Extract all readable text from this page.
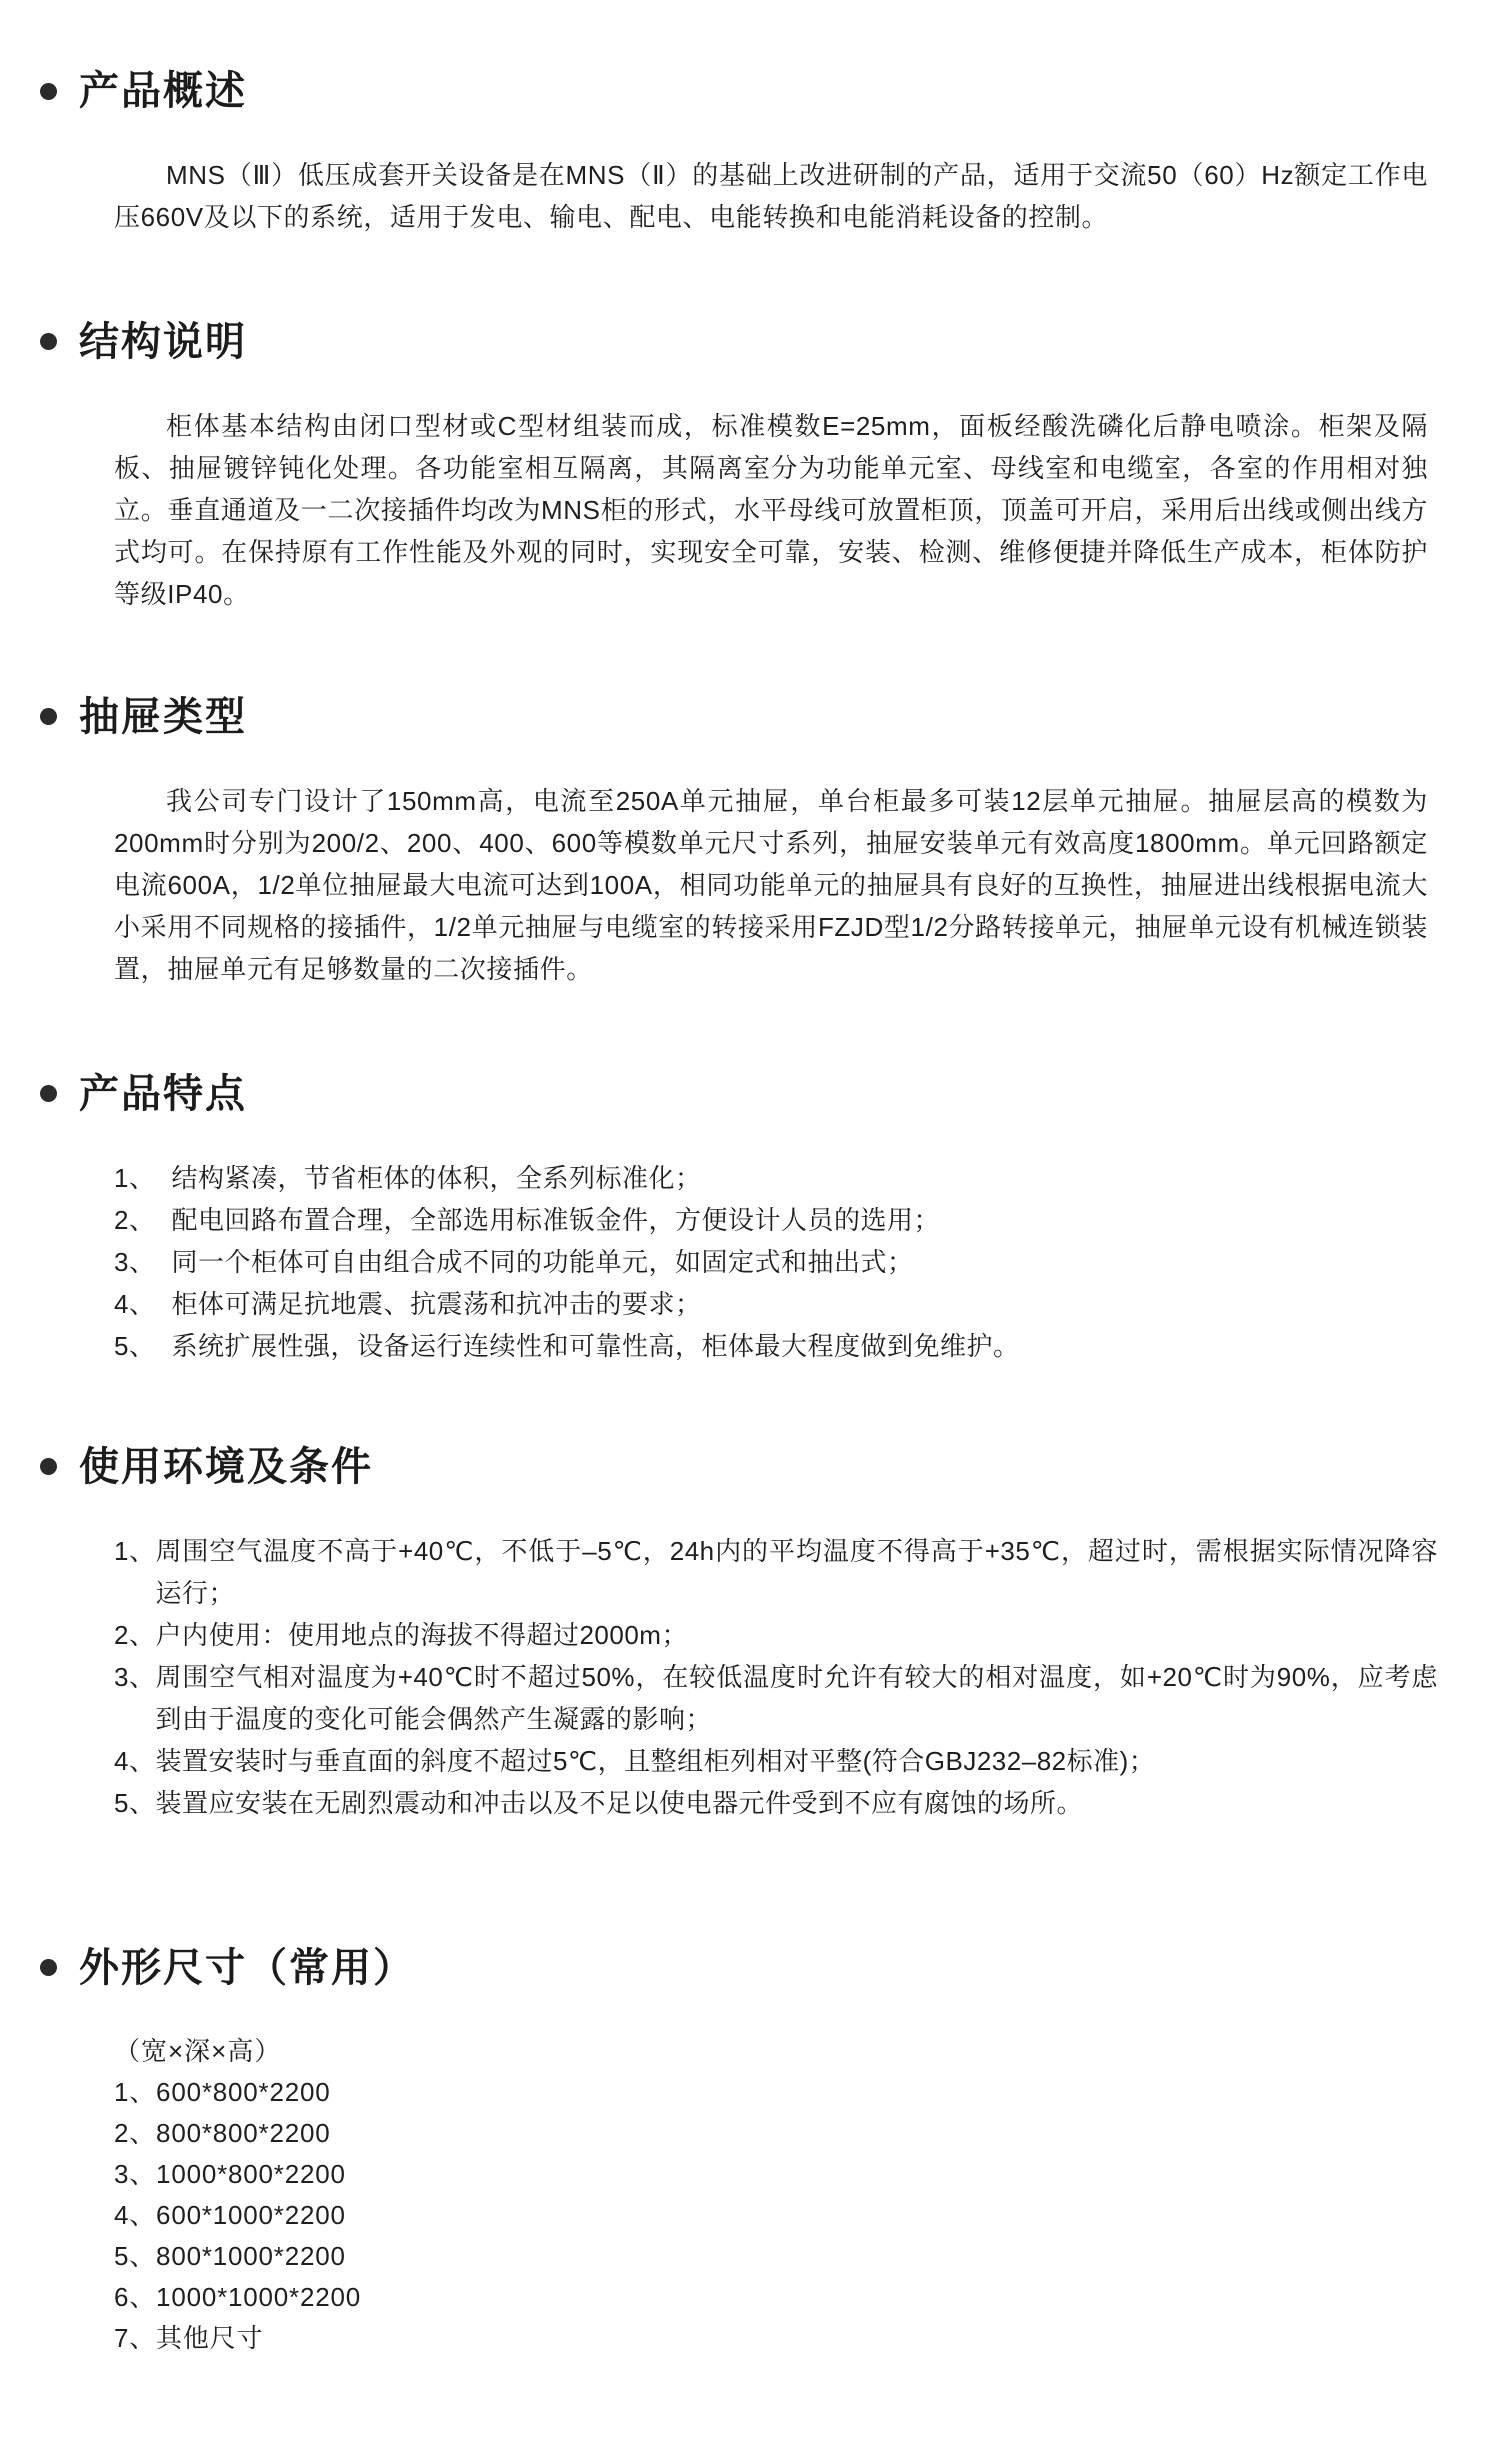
产品概述

MNS（Ⅲ）低压成套开关设备是在MNS（Ⅱ）的基础上改进研制的产品，适用于交流50（60）Hz额定工作电压660V及以下的系统，适用于发电、输电、配电、电能转换和电能消耗设备的控制。

结构说明

柜体基本结构由闭口型材或C型材组装而成，标准模数E=25mm，面板经酸洗磷化后静电喷涂。柜架及隔板、抽屉镀锌钝化处理。各功能室相互隔离，其隔离室分为功能单元室、母线室和电缆室，各室的作用相对独立。垂直通道及一二次接插件均改为MNS柜的形式，水平母线可放置柜顶，顶盖可开启，采用后出线或侧出线方式均可。在保持原有工作性能及外观的同时，实现安全可靠，安装、检测、维修便捷并降低生产成本，柜体防护等级IP40。

抽屉类型

我公司专门设计了150mm高，电流至250A单元抽屉，单台柜最多可装12层单元抽屉。抽屉层高的模数为200mm时分别为200/2、200、400、600等模数单元尺寸系列，抽屉安装单元有效高度1800mm。单元回路额定电流600A，1/2单位抽屉最大电流可达到100A，相同功能单元的抽屉具有良好的互换性，抽屉进出线根据电流大小采用不同规格的接插件，1/2单元抽屉与电缆室的转接采用FZJD型1/2分路转接单元，抽屉单元设有机械连锁装置，抽屉单元有足够数量的二次接插件。

产品特点
1、 结构紧凑，节省柜体的体积，全系列标准化；
2、 配电回路布置合理，全部选用标准钣金件，方便设计人员的选用；
3、 同一个柜体可自由组合成不同的功能单元，如固定式和抽出式；
4、 柜体可满足抗地震、抗震荡和抗冲击的要求；
5、 系统扩展性强，设备运行连续性和可靠性高，柜体最大程度做到免维护。
使用环境及条件
1、 周围空气温度不高于+40℃，不低于–5℃，24h内的平均温度不得高于+35℃，超过时，需根据实际情况降容运行；
2、 户内使用：使用地点的海拔不得超过2000m；
3、 周围空气相对温度为+40℃时不超过50%，在较低温度时允许有较大的相对温度，如+20℃时为90%，应考虑到由于温度的变化可能会偶然产生凝露的影响；
4、 装置安装时与垂直面的斜度不超过5℃，且整组柜列相对平整(符合GBJ232–82标准)；
5、 装置应安装在无剧烈震动和冲击以及不足以使电器元件受到不应有腐蚀的场所。
外形尺寸（常用）
（宽×深×高）
1、600*800*2200
2、800*800*2200
3、1000*800*2200
4、600*1000*2200
5、800*1000*2200
6、1000*1000*2200
7、其他尺寸
